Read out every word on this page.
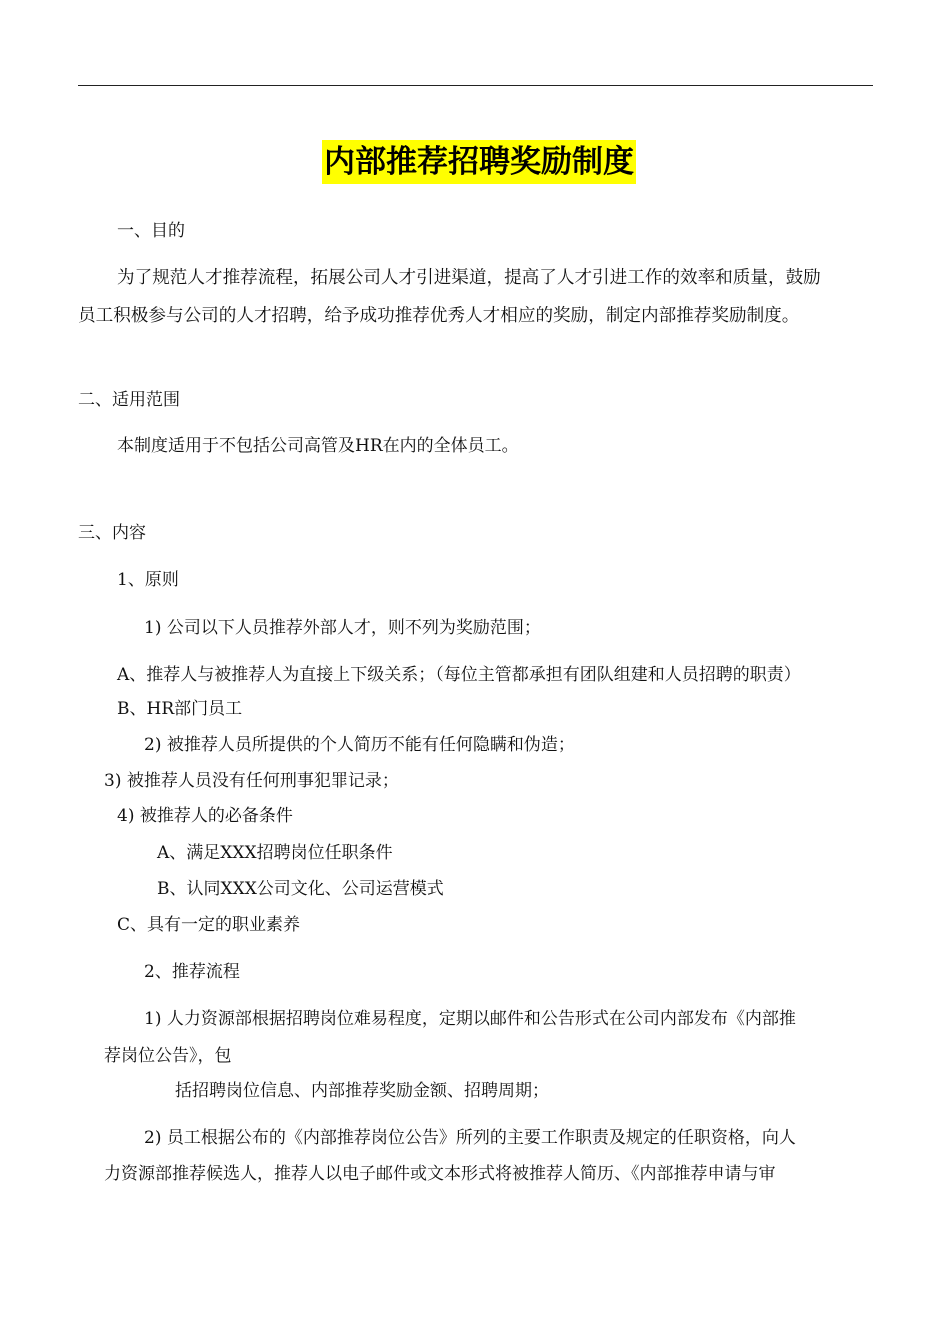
内部推荐招聘奖励制度
一、目的
为了规范人才推荐流程，拓展公司人才引进渠道，提高了人才引进工作的效率和质量，鼓励
员工积极参与公司的人才招聘，给予成功推荐优秀人才相应的奖励，制定内部推荐奖励制度。
二、适用范围
本制度适用于不包括公司高管及HR在内的全体员工。
三、内容
1、原则
1) 公司以下人员推荐外部人才，则不列为奖励范围；
A、推荐人与被推荐人为直接上下级关系；（每位主管都承担有团队组建和人员招聘的职责）
B、HR部门员工
2) 被推荐人员所提供的个人简历不能有任何隐瞒和伪造；
3) 被推荐人员没有任何刑事犯罪记录；
4) 被推荐人的必备条件
A、满足XXX招聘岗位任职条件
B、认同XXX公司文化、公司运营模式
C、具有一定的职业素养
2、推荐流程
1) 人力资源部根据招聘岗位难易程度，定期以邮件和公告形式在公司内部发布《内部推
荐岗位公告》，包
括招聘岗位信息、内部推荐奖励金额、招聘周期；
2) 员工根据公布的《内部推荐岗位公告》所列的主要工作职责及规定的任职资格，向人
力资源部推荐候选人，推荐人以电子邮件或文本形式将被推荐人简历、《内部推荐申请与审
